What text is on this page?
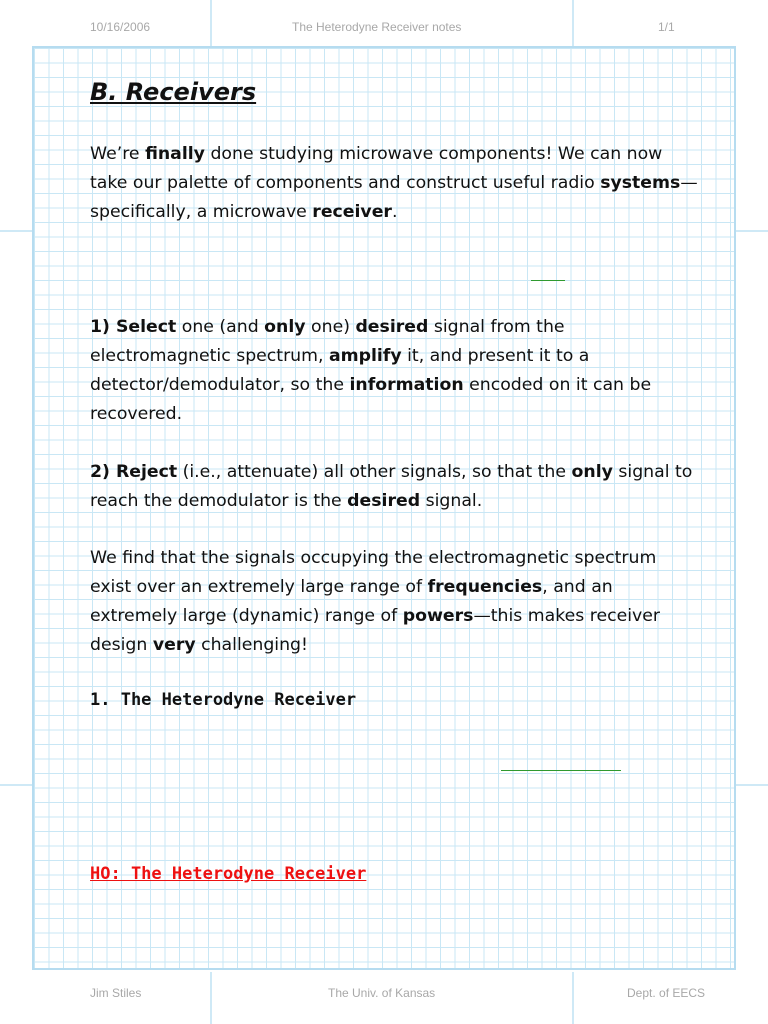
10/16/2006	The Heterodyne Receiver notes	1/1
B. Receivers
We’re finally done studying microwave components! We can now take our palette of components and construct useful radio systems—specifically, a microwave receiver.
1) Select one (and only one) desired signal from the electromagnetic spectrum, amplify it, and present it to a detector/demodulator, so the information encoded on it can be recovered.
2) Reject (i.e., attenuate) all other signals, so that the only signal to reach the demodulator is the desired signal.
We find that the signals occupying the electromagnetic spectrum exist over an extremely large range of frequencies, and an extremely large (dynamic) range of powers—this makes receiver design very challenging!
1. The Heterodyne Receiver
HO: The Heterodyne Receiver
Jim Stiles	The Univ. of Kansas	Dept. of EECS
